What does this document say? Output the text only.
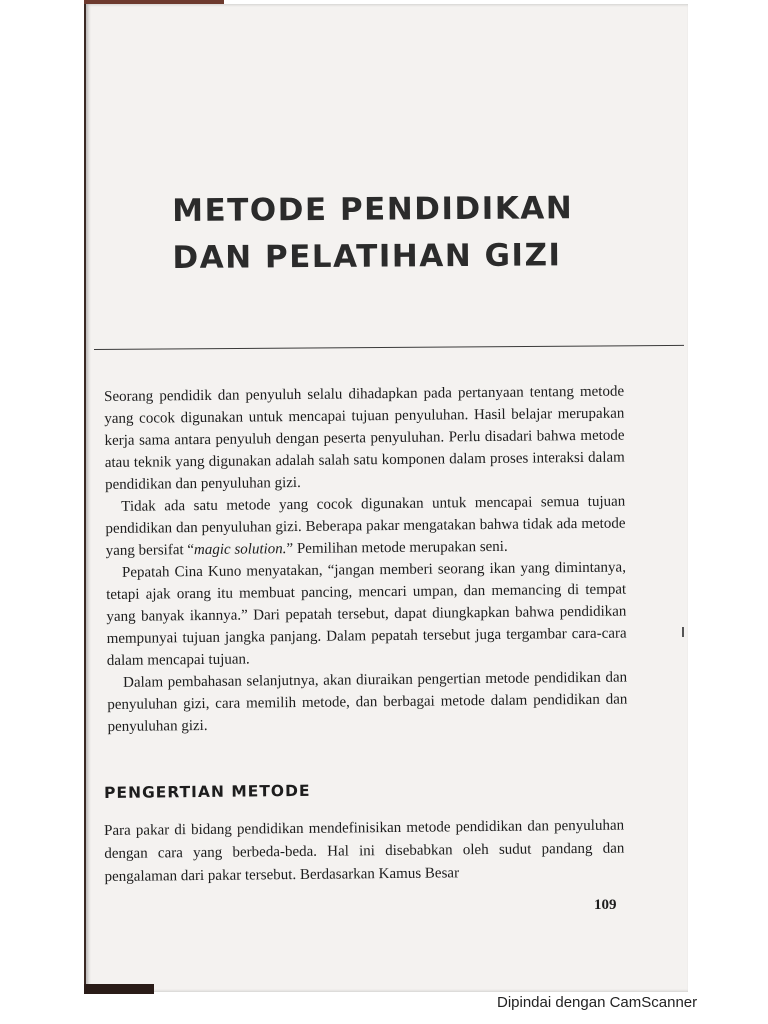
METODE PENDIDIKAN
DAN PELATIHAN GIZI

Seorang pendidik dan penyuluh selalu dihadapkan pada pertanyaan tentang metode yang cocok digunakan untuk mencapai tujuan penyuluhan. Hasil belajar merupakan kerja sama antara penyuluh dengan peserta penyuluhan. Perlu disadari bahwa metode atau teknik yang digunakan adalah salah satu komponen dalam proses interaksi dalam pendidikan dan penyuluhan gizi.

Tidak ada satu metode yang cocok digunakan untuk mencapai semua tujuan pendidikan dan penyuluhan gizi. Beberapa pakar mengatakan bahwa tidak ada metode yang bersifat “magic solution.” Pemilihan metode merupakan seni.

Pepatah Cina Kuno menyatakan, “jangan memberi seorang ikan yang dimintanya, tetapi ajak orang itu membuat pancing, mencari umpan, dan memancing di tempat yang banyak ikannya.” Dari pepatah tersebut, dapat diungkapkan bahwa pendidikan mempunyai tujuan jangka panjang. Dalam pepatah tersebut juga tergambar cara-cara dalam mencapai tujuan.

Dalam pembahasan selanjutnya, akan diuraikan pengertian metode pendidikan dan penyuluhan gizi, cara memilih metode, dan berbagai metode dalam pendidikan dan penyuluhan gizi.

PENGERTIAN METODE
Para pakar di bidang pendidikan mendefinisikan metode pendidikan dan penyuluhan dengan cara yang berbeda-beda. Hal ini disebabkan oleh sudut pandang dan pengalaman dari pakar tersebut. Berdasarkan Kamus Besar
109
Dipindai dengan CamScanner
